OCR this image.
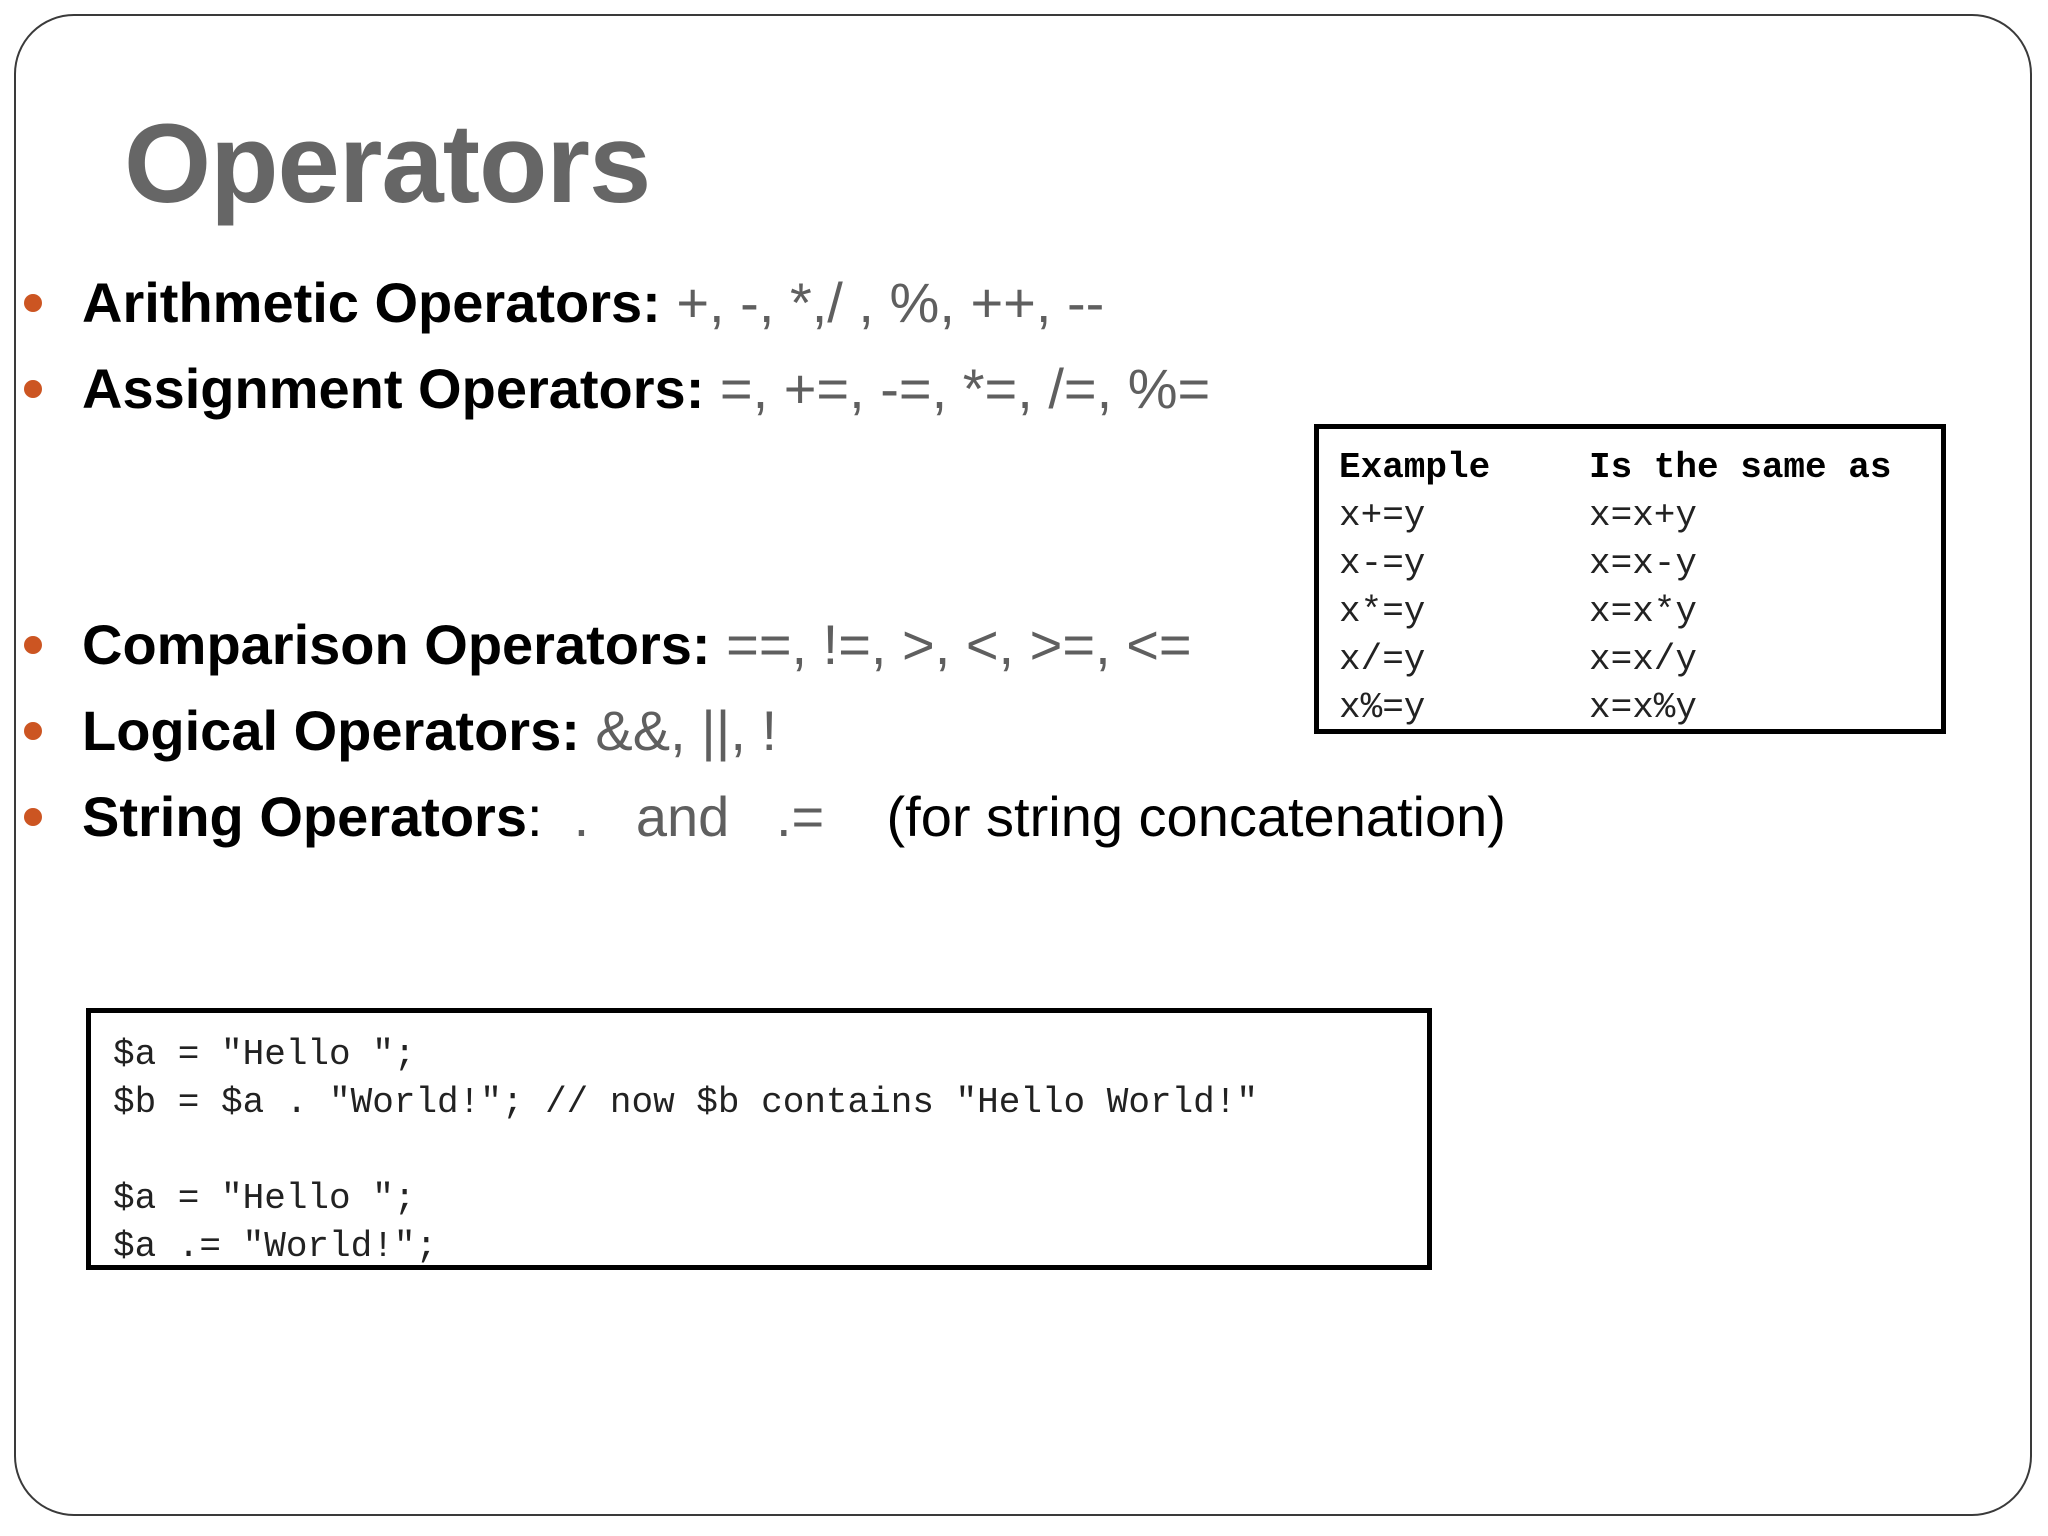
Operators
Arithmetic Operators: +, -, *,/ , %, ++, --
Assignment Operators: =, +=, -=, *=, /=, %=
Comparison Operators: ==, !=, >, <, >=, <=
Logical Operators: &&, ||, !
String Operators : .   and   .= (for string concatenation)
Example	Is the same as
x+=y	x=x+y
x-=y	x=x-y
x*=y	x=x*y
x/=y	x=x/y
x%=y	x=x%y
$a = "Hello ";
$b = $a . "World!"; // now $b contains "Hello World!"
$a = "Hello ";
$a .= "World!";
